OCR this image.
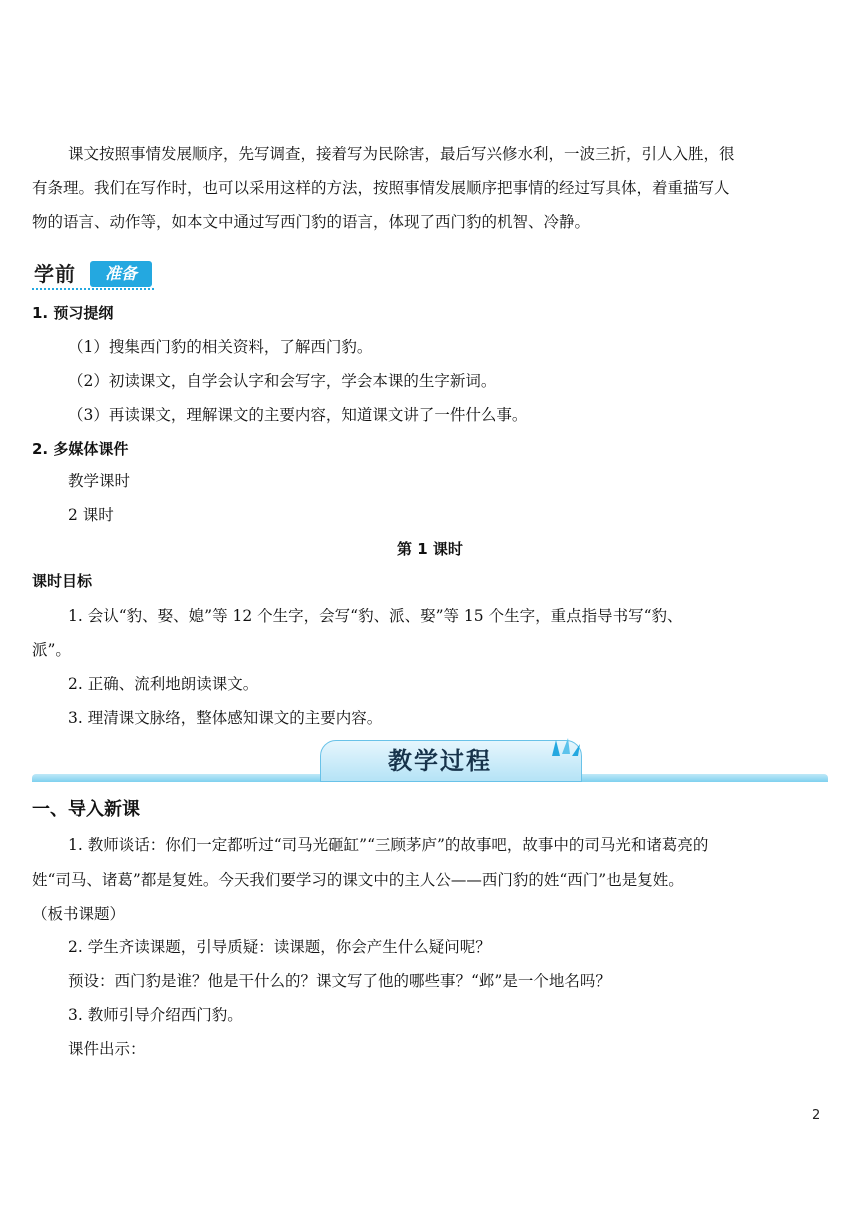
课文按照事情发展顺序，先写调查，接着写为民除害，最后写兴修水利，一波三折，引人入胜，很
有条理。我们在写作时，也可以采用这样的方法，按照事情发展顺序把事情的经过写具体，着重描写人
物的语言、动作等，如本文中通过写西门豹的语言，体现了西门豹的机智、冷静。
学前	准备
1. 预习提纲
（1）搜集西门豹的相关资料，了解西门豹。
（2）初读课文，自学会认字和会写字，学会本课的生字新词。
（3）再读课文，理解课文的主要内容，知道课文讲了一件什么事。
2. 多媒体课件
教学课时
2 课时
第 1 课时
课时目标
1. 会认“豹、娶、媳”等 12 个生字，会写“豹、派、娶”等 15 个生字，重点指导书写“豹、
派”。
2. 正确、流利地朗读课文。
3. 理清课文脉络，整体感知课文的主要内容。
教学过程
一、导入新课
1. 教师谈话：你们一定都听过“司马光砸缸”“三顾茅庐”的故事吧，故事中的司马光和诸葛亮的
姓“司马、诸葛”都是复姓。今天我们要学习的课文中的主人公——西门豹的姓“西门”也是复姓。
（板书课题）
2. 学生齐读课题，引导质疑：读课题，你会产生什么疑问呢？
预设：西门豹是谁？他是干什么的？课文写了他的哪些事？“邺”是一个地名吗？
3. 教师引导介绍西门豹。
课件出示：
2
